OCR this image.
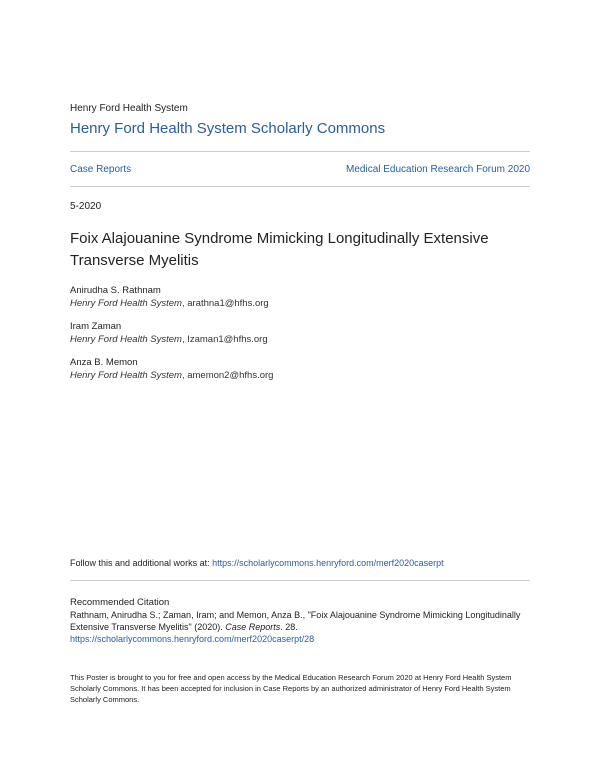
Henry Ford Health System
Henry Ford Health System Scholarly Commons
Case Reports	Medical Education Research Forum 2020
5-2020
Foix Alajouanine Syndrome Mimicking Longitudinally Extensive Transverse Myelitis
Anirudha S. Rathnam
Henry Ford Health System, arathna1@hfhs.org
Iram Zaman
Henry Ford Health System, Izaman1@hfhs.org
Anza B. Memon
Henry Ford Health System, amemon2@hfhs.org
Follow this and additional works at: https://scholarlycommons.henryford.com/merf2020caserpt
Recommended Citation
Rathnam, Anirudha S.; Zaman, Iram; and Memon, Anza B., "Foix Alajouanine Syndrome Mimicking Longitudinally Extensive Transverse Myelitis" (2020). Case Reports. 28.
https://scholarlycommons.henryford.com/merf2020caserpt/28
This Poster is brought to you for free and open access by the Medical Education Research Forum 2020 at Henry Ford Health System Scholarly Commons. It has been accepted for inclusion in Case Reports by an authorized administrator of Henry Ford Health System Scholarly Commons.
